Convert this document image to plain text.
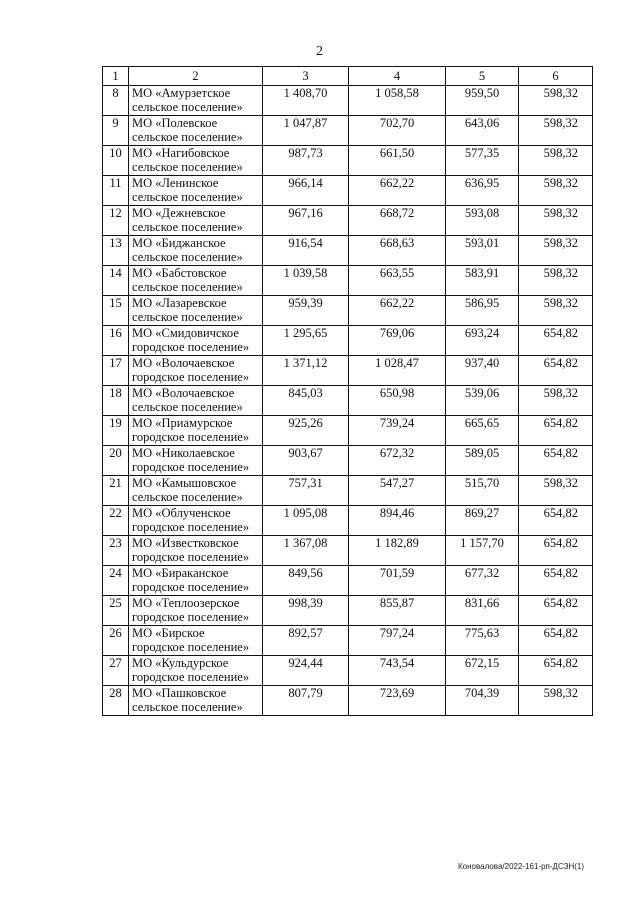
2
1	2	3	4	5	6
8	МО «Амурзетское
сельское поселение»	1 408,70	1 058,58	959,50	598,32
9	МО «Полевское
сельское поселение»	1 047,87	702,70	643,06	598,32
10	МО «Нагибовское
сельское поселение»	987,73	661,50	577,35	598,32
11	МО «Ленинское
сельское поселение»	966,14	662,22	636,95	598,32
12	МО «Дежневское
сельское поселение»	967,16	668,72	593,08	598,32
13	МО «Биджанское
сельское поселение»	916,54	668,63	593,01	598,32
14	МО «Бабстовское
сельское поселение»	1 039,58	663,55	583,91	598,32
15	МО «Лазаревское
сельское поселение»	959,39	662,22	586,95	598,32
16	МО «Смидовичское
городское поселение»	1 295,65	769,06	693,24	654,82
17	МО «Волочаевское
городское поселение»	1 371,12	1 028,47	937,40	654,82
18	МО «Волочаевское
сельское поселение»	845,03	650,98	539,06	598,32
19	МО «Приамурское
городское поселение»	925,26	739,24	665,65	654,82
20	МО «Николаевское
городское поселение»	903,67	672,32	589,05	654,82
21	МО «Камышовское
сельское поселение»	757,31	547,27	515,70	598,32
22	МО «Облученское
городское поселение»	1 095,08	894,46	869,27	654,82
23	МО «Известковское
городское поселение»	1 367,08	1 182,89	1 157,70	654,82
24	МО «Бираканское
городское поселение»	849,56	701,59	677,32	654,82
25	МО «Теплоозерское
городское поселение»	998,39	855,87	831,66	654,82
26	МО «Бирское
городское поселение»	892,57	797,24	775,63	654,82
27	МО «Кульдурское
городское поселение»	924,44	743,54	672,15	654,82
28	МО «Пашковское
сельское поселение»	807,79	723,69	704,39	598,32
Коновалова/2022-161-рп-ДСЗН(1)
